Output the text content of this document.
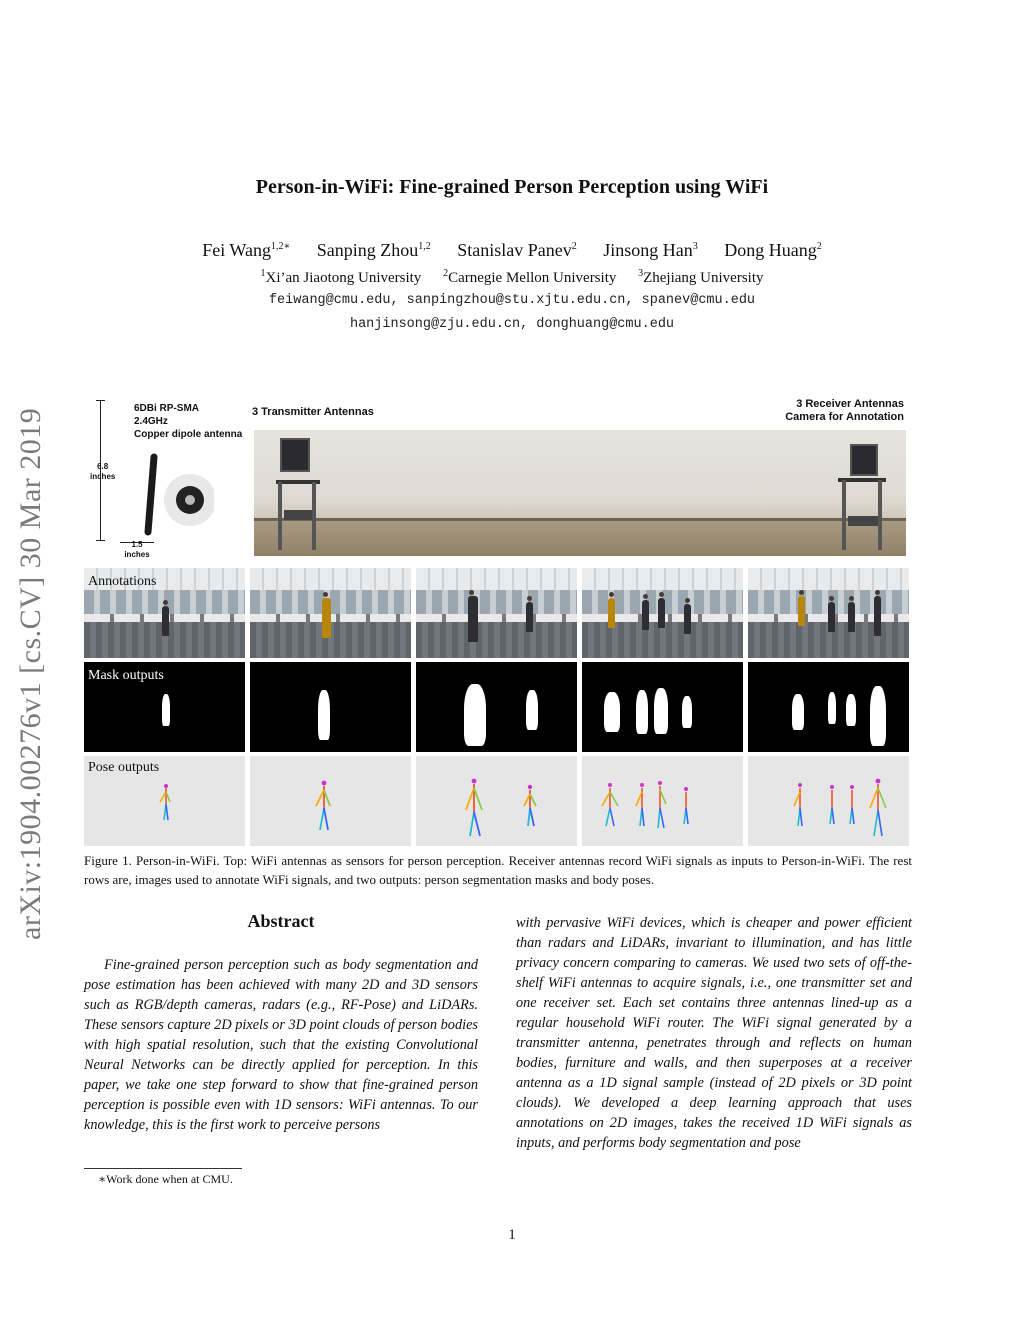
Person-in-WiFi: Fine-grained Person Perception using WiFi
Fei Wang$^{1,2∗}$ Sanping Zhou$^{1,2}$ Stanislav Panev$^2$ Jinsong Han$^3$ Dong Huang$^2$
$^1$Xi’an Jiaotong University $^2$Carnegie Mellon University $^3$Zhejiang University
feiwang@cmu.edu, sanpingzhou@stu.xjtu.edu.cn, spanev@cmu.edu
hanjinsong@zju.edu.cn, donghuang@cmu.edu
arXiv:1904.00276v1 [cs.CV] 30 Mar 2019	6DBi RP-SMA
2.4GHz
Copper dipole antenna
6.8
inches
1.5
inches
3 Transmitter Antennas
3 Receiver Antennas
Camera for Annotation
Annotations
Mask outputs
Pose outputs
Figure 1. Person-in-WiFi. Top: WiFi antennas as sensors for person perception. Receiver antennas record WiFi signals as inputs to Person-in-WiFi. The rest rows are, images used to annotate WiFi signals, and two outputs: person segmentation masks and body poses.
Abstract
Fine-grained person perception such as body segmentation and pose estimation has been achieved with many 2D and 3D sensors such as RGB/depth cameras, radars (e.g., RF-Pose) and LiDARs. These sensors capture 2D pixels or 3D point clouds of person bodies with high spatial resolution, such that the existing Convolutional Neural Networks can be directly applied for perception. In this paper, we take one step forward to show that fine-grained person perception is possible even with 1D sensors: WiFi antennas. To our knowledge, this is the first work to perceive persons
with pervasive WiFi devices, which is cheaper and power efficient than radars and LiDARs, invariant to illumination, and has little privacy concern comparing to cameras. We used two sets of off-the-shelf WiFi antennas to acquire signals, i.e., one transmitter set and one receiver set. Each set contains three antennas lined-up as a regular household WiFi router. The WiFi signal generated by a transmitter antenna, penetrates through and reflects on human bodies, furniture and walls, and then superposes at a receiver antenna as a 1D signal sample (instead of 2D pixels or 3D point clouds). We developed a deep learning approach that uses annotations on 2D images, takes the received 1D WiFi signals as inputs, and performs body segmentation and pose
∗Work done when at CMU.
1
